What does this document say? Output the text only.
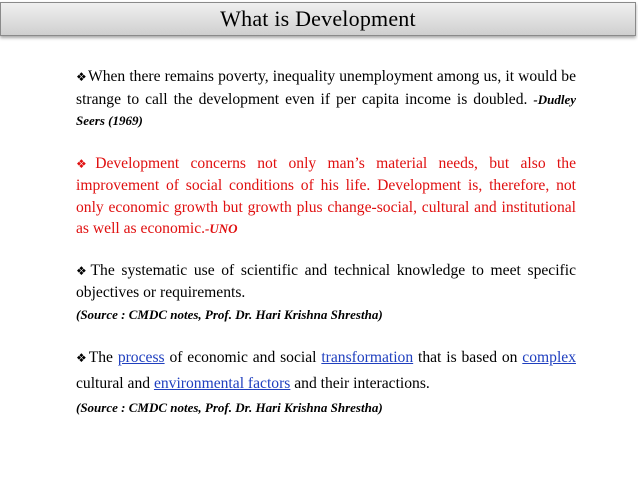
What is Development

❖When there remains poverty, inequality unemployment among us, it would be strange to call the development even if per capita income is doubled. -Dudley Seers (1969)

❖Development concerns not only man’s material needs, but also the improvement of social conditions of his life. Development is, therefore, not only economic growth but growth plus change-social, cultural and institutional as well as economic.-UNO

❖The systematic use of scientific and technical knowledge to meet specific objectives or requirements.

(Source : CMDC notes, Prof. Dr. Hari Krishna Shrestha)

❖The process of economic and social transformation that is based on complex cultural and environmental factors and their interactions.

(Source : CMDC notes, Prof. Dr. Hari Krishna Shrestha)
